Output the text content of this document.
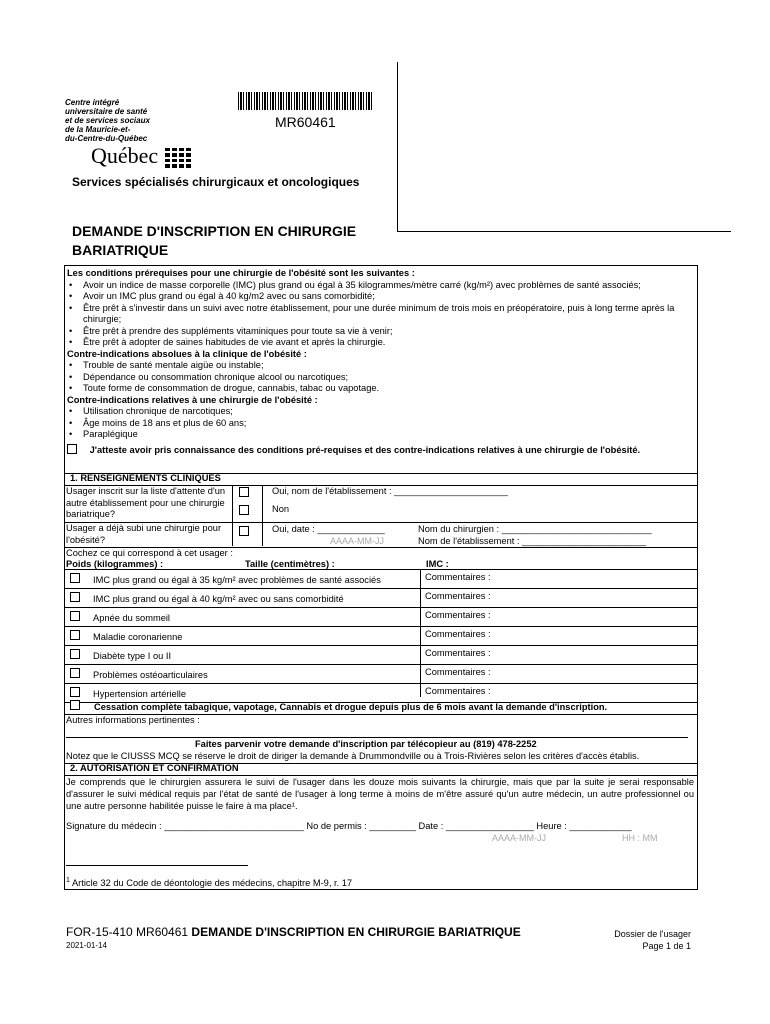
Centre intégré
universitaire de santé
et de services sociaux
de la Mauricie-et-
du-Centre-du-Québec
Québec
MR60461
Services spécialisés chirurgicaux et oncologiques
DEMANDE D'INSCRIPTION EN CHIRURGIE
BARIATRIQUE
Les conditions prérequises pour une chirurgie de l'obésité sont les suivantes :
• Avoir un indice de masse corporelle (IMC) plus grand ou égal à 35 kilogrammes/mètre carré (kg/m²) avec problèmes de santé associés;
• Avoir un IMC plus grand ou égal à 40 kg/m2 avec ou sans comorbidité;
• Être prêt à s'investir dans un suivi avec notre établissement, pour une durée minimum de trois mois en préopératoire, puis à long terme après la chirurgie;
• Être prêt à prendre des suppléments vitaminiques pour toute sa vie à venir;
• Être prêt à adopter de saines habitudes de vie avant et après la chirurgie.
Contre-indications absolues à la clinique de l'obésité :
• Trouble de santé mentale aigüe ou instable;
• Dépendance ou consommation chronique alcool ou narcotiques;
• Toute forme de consommation de drogue, cannabis, tabac ou vapotage.
Contre-indications relatives à une chirurgie de l'obésité :
• Utilisation chronique de narcotiques;
• Âge moins de 18 ans et plus de 60 ans;
• Paraplégique
J'atteste avoir pris connaissance des conditions pré-requises et des contre-indications relatives à une chirurgie de l'obésité.
1. RENSEIGNEMENTS CLINIQUES
Usager inscrit sur la liste d'attente d'un autre établissement pour une chirurgie bariatrique?
Oui, nom de l'établissement : ______________________
Non
Usager a déjà subi une chirurgie pour l'obésité?
Oui, date : _____________
AAAA-MM-JJ
Nom du chirurgien : _____________________________
Nom de l'établissement : ________________________
Cochez ce qui correspond à cet usager :
Poids (kilogrammes) :	Taille (centimètres) :	IMC :
IMC plus grand ou égal à 35 kg/m² avec problèmes de santé associés	Commentaires :
IMC plus grand ou égal à 40 kg/m² avec ou sans comorbidité	Commentaires :
Apnée du sommeil	Commentaires :
Maladie coronarienne	Commentaires :
Diabète type I ou II	Commentaires :
Problèmes ostéoarticulaires	Commentaires :
Hypertension artérielle	Commentaires :
Cessation complète tabagique, vapotage, Cannabis et drogue depuis plus de 6 mois avant la demande d'inscription.
Autres informations pertinentes :
Faites parvenir votre demande d'inscription par télécopieur au (819) 478-2252
Notez que le CIUSSS MCQ se réserve le droit de diriger la demande à Drummondville ou à Trois-Rivières selon les critères d'accès établis.
2. AUTORISATION ET CONFIRMATION
Je comprends que le chirurgien assurera le suivi de l'usager dans les douze mois suivants la chirurgie, mais que par la suite je serai responsable d'assurer le suivi médical requis par l'état de santé de l'usager à long terme à moins de m'être assuré qu'un autre médecin, un autre professionnel ou une autre personne habilitée puisse le faire à ma place¹.
Signature du médecin : ___________________________ No de permis : _________ Date : _________________ Heure : ____________
AAAA-MM-JJ	HH : MM
$^1$ Article 32 du Code de déontologie des médecins, chapitre M-9, r. 17
FOR-15-410 MR60461 DEMANDE D'INSCRIPTION EN CHIRURGIE BARIATRIQUE
2021-01-14
Dossier de l'usager
Page 1 de 1
